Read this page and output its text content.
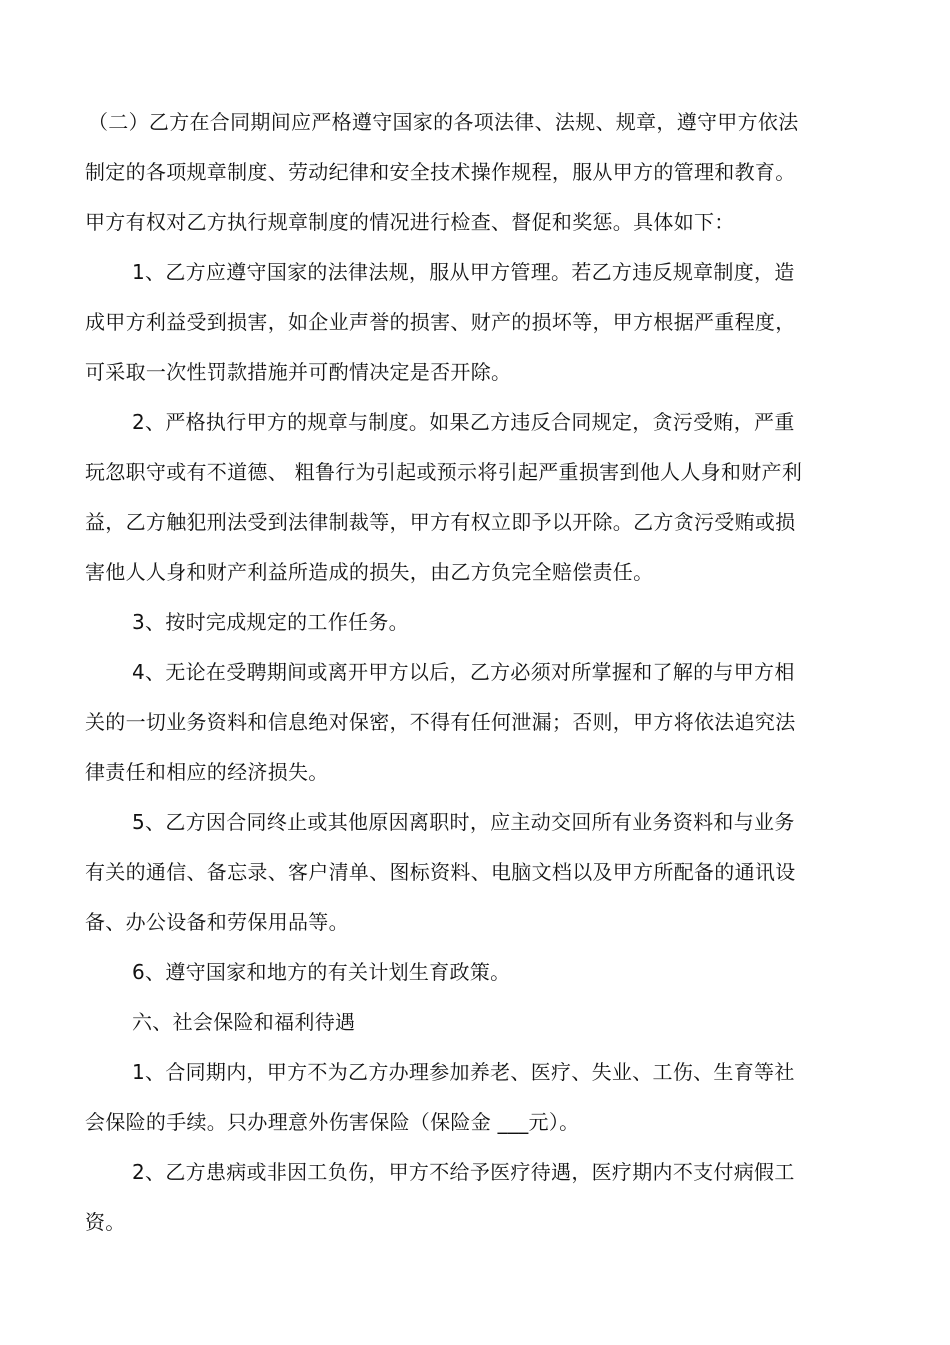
（二）乙方在合同期间应严格遵守国家的各项法律、法规、规章，遵守甲方依法
制定的各项规章制度、劳动纪律和安全技术操作规程，服从甲方的管理和教育。
甲方有权对乙方执行规章制度的情况进行检查、督促和奖惩。具体如下：
1、乙方应遵守国家的法律法规，服从甲方管理。若乙方违反规章制度，造
成甲方利益受到损害，如企业声誉的损害、财产的损坏等，甲方根据严重程度，
可采取一次性罚款措施并可酌情决定是否开除。
2、严格执行甲方的规章与制度。如果乙方违反合同规定，贪污受贿，严重
玩忽职守或有不道德、 粗鲁行为引起或预示将引起严重损害到他人人身和财产利
益，乙方触犯刑法受到法律制裁等，甲方有权立即予以开除。乙方贪污受贿或损
害他人人身和财产利益所造成的损失，由乙方负完全赔偿责任。
3、按时完成规定的工作任务。
4、无论在受聘期间或离开甲方以后，乙方必须对所掌握和了解的与甲方相
关的一切业务资料和信息绝对保密，不得有任何泄漏；否则，甲方将依法追究法
律责任和相应的经济损失。
5、乙方因合同终止或其他原因离职时，应主动交回所有业务资料和与业务
有关的通信、备忘录、客户清单、图标资料、电脑文档以及甲方所配备的通讯设
备、办公设备和劳保用品等。
6、遵守国家和地方的有关计划生育政策。
六、社会保险和福利待遇
1、合同期内，甲方不为乙方办理参加养老、医疗、失业、工伤、生育等社
会保险的手续。只办理意外伤害保险（保险金 ___元）。
2、乙方患病或非因工负伤，甲方不给予医疗待遇，医疗期内不支付病假工
资。
